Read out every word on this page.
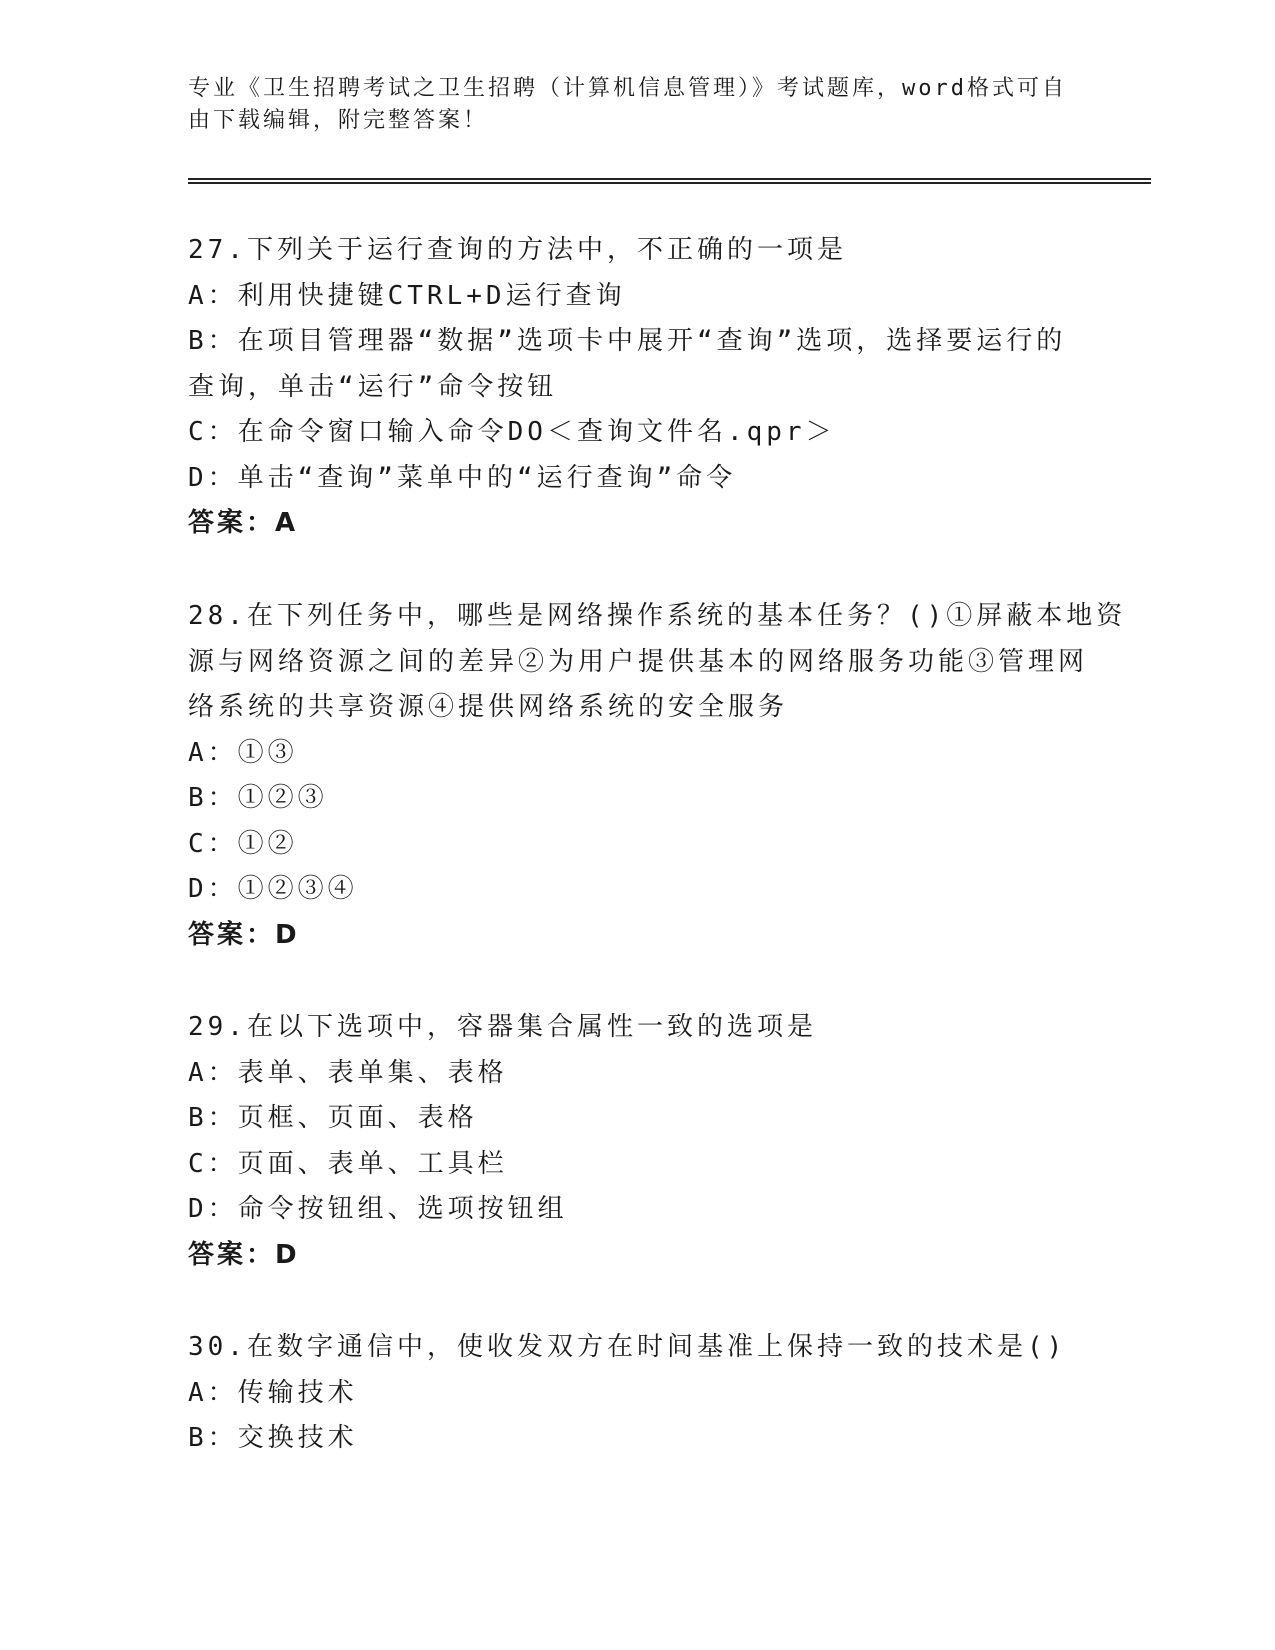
专业《卫生招聘考试之卫生招聘（计算机信息管理）》考试题库，word格式可自
由下载编辑，附完整答案！
27.下列关于运行查询的方法中，不正确的一项是
A：利用快捷键CTRL+D运行查询
B：在项目管理器“数据”选项卡中展开“查询”选项，选择要运行的
查询，单击“运行”命令按钮
C：在命令窗口输入命令DO＜查询文件名.qpr＞
D：单击“查询”菜单中的“运行查询”命令
答案：A
28.在下列任务中，哪些是网络操作系统的基本任务？()①屏蔽本地资
源与网络资源之间的差异②为用户提供基本的网络服务功能③管理网
络系统的共享资源④提供网络系统的安全服务
A：①③
B：①②③
C：①②
D：①②③④
答案：D
29.在以下选项中，容器集合属性一致的选项是
A：表单、表单集、表格
B：页框、页面、表格
C：页面、表单、工具栏
D：命令按钮组、选项按钮组
答案：D
30.在数字通信中，使收发双方在时间基准上保持一致的技术是()
A：传输技术
B：交换技术
